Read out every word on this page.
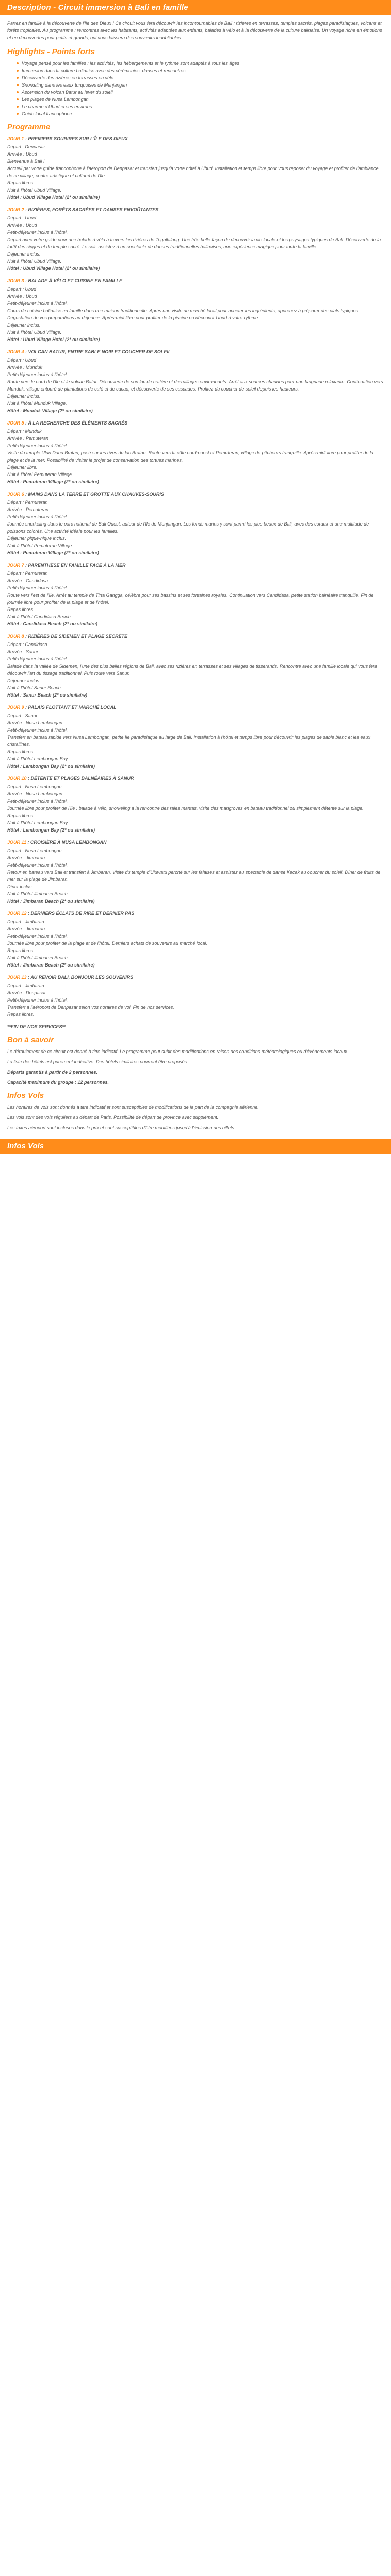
Description - Circuit immersion à Bali en famille

Partez en famille à la découverte de l'île des Dieux ! Ce circuit vous fera découvrir les incontournables de Bali : rizières en terrasses, temples sacrés, plages paradisiaques, volcans et forêts tropicales. Au programme : rencontres avec les habitants, activités adaptées aux enfants, balades à vélo et à la découverte de la culture balinaise. Un voyage riche en émotions et en découvertes pour petits et grands, qui vous laissera des souvenirs inoubliables.

Highlights - Points forts
Voyage pensé pour les familles : les activités, les hébergements et le rythme sont adaptés à tous les âges
Immersion dans la culture balinaise avec des cérémonies, danses et rencontres
Découverte des rizières en terrasses en vélo
Snorkeling dans les eaux turquoises de Menjangan
Ascension du volcan Batur au lever du soleil
Les plages de Nusa Lembongan
Le charme d'Ubud et ses environs
Guide local francophone
Programme
JOUR 1 : PREMIERS SOURIRES SUR L'ÎLE DES DIEUX

Départ : Denpasar

Arrivée : Ubud

Bienvenue à Bali !

Accueil par votre guide francophone à l'aéroport de Denpasar et transfert jusqu'à votre hôtel à Ubud. Installation et temps libre pour vous reposer du voyage et profiter de l'ambiance de ce village, centre artistique et culturel de l'île.

Repas libres.

Nuit à l'hôtel Ubud Village.

Hôtel : Ubud Village Hotel (2* ou similaire)

JOUR 2 : RIZIÈRES, FORÊTS SACRÉES ET DANSES ENVOÛTANTES

Départ : Ubud

Arrivée : Ubud

Petit-déjeuner inclus à l'hôtel.

Départ avec votre guide pour une balade à vélo à travers les rizières de Tegallalang. Une très belle façon de découvrir la vie locale et les paysages typiques de Bali. Découverte de la forêt des singes et du temple sacré. Le soir, assistez à un spectacle de danses traditionnelles balinaises, une expérience magique pour toute la famille.

Déjeuner inclus.

Nuit à l'hôtel Ubud Village.

Hôtel : Ubud Village Hotel (2* ou similaire)

JOUR 3 : BALADE À VÉLO ET CUISINE EN FAMILLE

Départ : Ubud

Arrivée : Ubud

Petit-déjeuner inclus à l'hôtel.

Cours de cuisine balinaise en famille dans une maison traditionnelle. Après une visite du marché local pour acheter les ingrédients, apprenez à préparer des plats typiques. Dégustation de vos préparations au déjeuner. Après-midi libre pour profiter de la piscine ou découvrir Ubud à votre rythme.

Déjeuner inclus.

Nuit à l'hôtel Ubud Village.

Hôtel : Ubud Village Hotel (2* ou similaire)

JOUR 4 : VOLCAN BATUR, ENTRE SABLE NOIR ET COUCHER DE SOLEIL

Départ : Ubud

Arrivée : Munduk

Petit-déjeuner inclus à l'hôtel.

Route vers le nord de l'île et le volcan Batur. Découverte de son lac de cratère et des villages environnants. Arrêt aux sources chaudes pour une baignade relaxante. Continuation vers Munduk, village entouré de plantations de café et de cacao, et découverte de ses cascades. Profitez du coucher de soleil depuis les hauteurs.

Déjeuner inclus.

Nuit à l'hôtel Munduk Village.

Hôtel : Munduk Village (2* ou similaire)

JOUR 5 : À LA RECHERCHE DES ÉLÉMENTS SACRÉS

Départ : Munduk

Arrivée : Pemuteran

Petit-déjeuner inclus à l'hôtel.

Visite du temple Ulun Danu Bratan, posé sur les rives du lac Bratan. Route vers la côte nord-ouest et Pemuteran, village de pêcheurs tranquille. Après-midi libre pour profiter de la plage et de la mer. Possibilité de visiter le projet de conservation des tortues marines.

Déjeuner libre.

Nuit à l'hôtel Pemuteran Village.

Hôtel : Pemuteran Village (2* ou similaire)

JOUR 6 : MAINS DANS LA TERRE ET GROTTE AUX CHAUVES-SOURIS

Départ : Pemuteran

Arrivée : Pemuteran

Petit-déjeuner inclus à l'hôtel.

Journée snorkeling dans le parc national de Bali Ouest, autour de l'île de Menjangan. Les fonds marins y sont parmi les plus beaux de Bali, avec des coraux et une multitude de poissons colorés. Une activité idéale pour les familles.

Déjeuner pique-nique inclus.

Nuit à l'hôtel Pemuteran Village.

Hôtel : Pemuteran Village (2* ou similaire)

JOUR 7 : PARENTHÈSE EN FAMILLE FACE À LA MER

Départ : Pemuteran

Arrivée : Candidasa

Petit-déjeuner inclus à l'hôtel.

Route vers l'est de l'île. Arrêt au temple de Tirta Gangga, célèbre pour ses bassins et ses fontaines royales. Continuation vers Candidasa, petite station balnéaire tranquille. Fin de journée libre pour profiter de la plage et de l'hôtel.

Repas libres.

Nuit à l'hôtel Candidasa Beach.

Hôtel : Candidasa Beach (2* ou similaire)

JOUR 8 : RIZIÈRES DE SIDEMEN ET PLAGE SECRÈTE

Départ : Candidasa

Arrivée : Sanur

Petit-déjeuner inclus à l'hôtel.

Balade dans la vallée de Sidemen, l'une des plus belles régions de Bali, avec ses rizières en terrasses et ses villages de tisserands. Rencontre avec une famille locale qui vous fera découvrir l'art du tissage traditionnel. Puis route vers Sanur.

Déjeuner inclus.

Nuit à l'hôtel Sanur Beach.

Hôtel : Sanur Beach (2* ou similaire)

JOUR 9 : PALAIS FLOTTANT ET MARCHÉ LOCAL

Départ : Sanur

Arrivée : Nusa Lembongan

Petit-déjeuner inclus à l'hôtel.

Transfert en bateau rapide vers Nusa Lembongan, petite île paradisiaque au large de Bali. Installation à l'hôtel et temps libre pour découvrir les plages de sable blanc et les eaux cristallines.

Repas libres.

Nuit à l'hôtel Lembongan Bay.

Hôtel : Lembongan Bay (2* ou similaire)

JOUR 10 : DÉTENTE ET PLAGES BALNÉAIRES À SANUR

Départ : Nusa Lembongan

Arrivée : Nusa Lembongan

Petit-déjeuner inclus à l'hôtel.

Journée libre pour profiter de l'île : balade à vélo, snorkeling à la rencontre des raies mantas, visite des mangroves en bateau traditionnel ou simplement détente sur la plage.

Repas libres.

Nuit à l'hôtel Lembongan Bay.

Hôtel : Lembongan Bay (2* ou similaire)

JOUR 11 : CROISIÈRE À NUSA LEMBONGAN

Départ : Nusa Lembongan

Arrivée : Jimbaran

Petit-déjeuner inclus à l'hôtel.

Retour en bateau vers Bali et transfert à Jimbaran. Visite du temple d'Uluwatu perché sur les falaises et assistez au spectacle de danse Kecak au coucher du soleil. Dîner de fruits de mer sur la plage de Jimbaran.

Dîner inclus.

Nuit à l'hôtel Jimbaran Beach.

Hôtel : Jimbaran Beach (2* ou similaire)

JOUR 12 : DERNIERS ÉCLATS DE RIRE ET DERNIER PAS

Départ : Jimbaran

Arrivée : Jimbaran

Petit-déjeuner inclus à l'hôtel.

Journée libre pour profiter de la plage et de l'hôtel. Derniers achats de souvenirs au marché local.

Repas libres.

Nuit à l'hôtel Jimbaran Beach.

Hôtel : Jimbaran Beach (2* ou similaire)

JOUR 13 : AU REVOIR BALI, BONJOUR LES SOUVENIRS

Départ : Jimbaran

Arrivée : Denpasar

Petit-déjeuner inclus à l'hôtel.

Transfert à l'aéroport de Denpasar selon vos horaires de vol. Fin de nos services.

Repas libres.

**FIN DE NOS SERVICES**

Bon à savoir

Le déroulement de ce circuit est donné à titre indicatif. Le programme peut subir des modifications en raison des conditions météorologiques ou d'événements locaux.

La liste des hôtels est purement indicative. Des hôtels similaires pourront être proposés.

Départs garantis à partir de 2 personnes.

Capacité maximum du groupe : 12 personnes.

Infos Vols

Les horaires de vols sont donnés à titre indicatif et sont susceptibles de modifications de la part de la compagnie aérienne.

Les vols sont des vols réguliers au départ de Paris. Possibilité de départ de province avec supplément.

Les taxes aéroport sont incluses dans le prix et sont susceptibles d'être modifiées jusqu'à l'émission des billets.

Infos Vols
